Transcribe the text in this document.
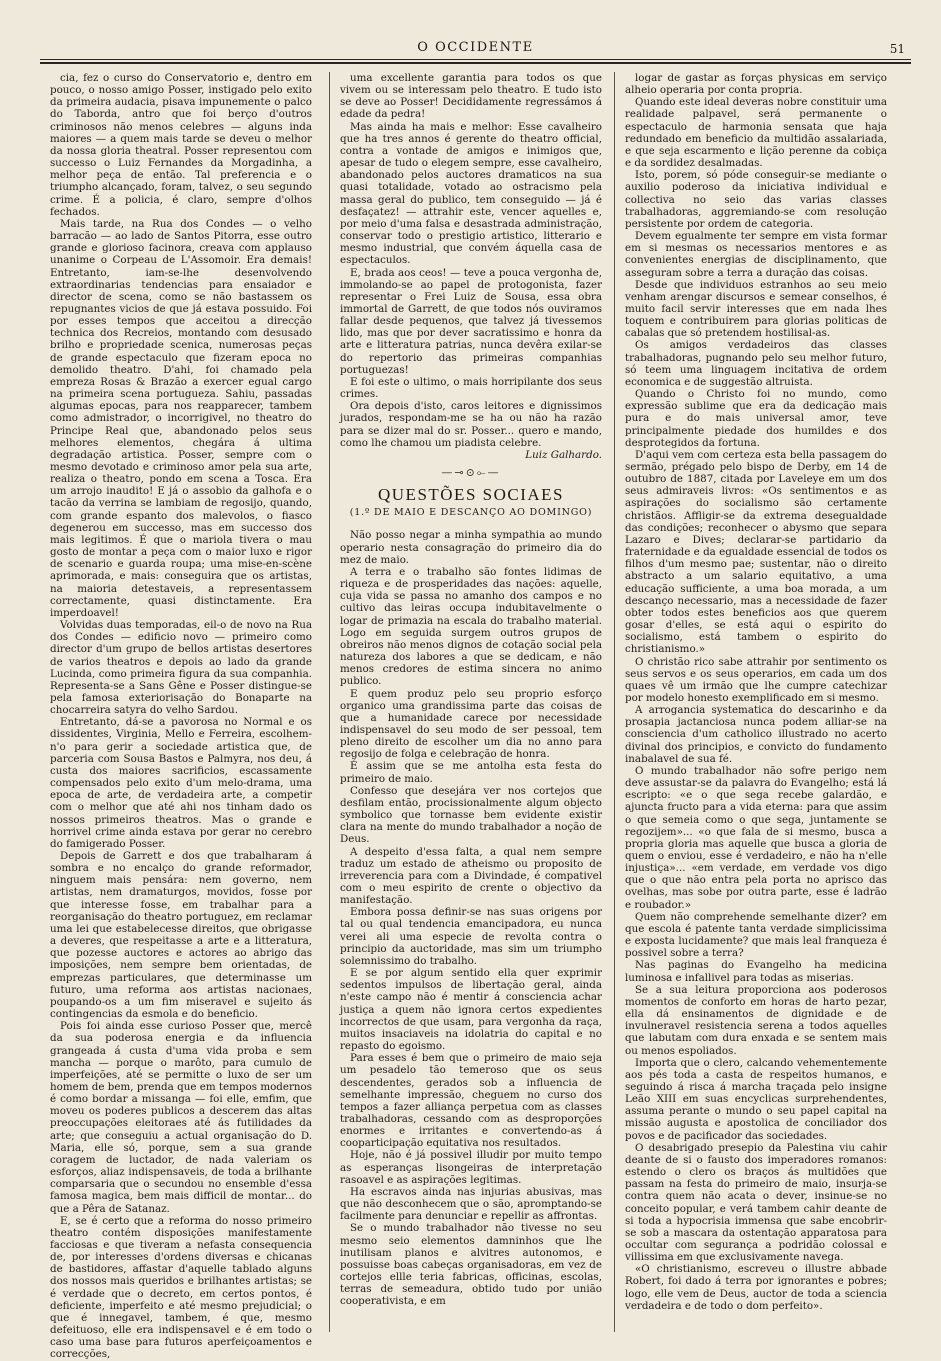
O OCCIDENTE	51

cia, fez o curso do Conservatorio e, dentro em pouco, o nosso amigo Posser, instigado pelo exito da primeira audacia, pisava impunemente o palco do Taborda, antro que foi berço d'outros criminosos não menos celebres — alguns inda maiores — a quem mais tarde se deveu o melhor da nossa gloria theatral. Posser representou com successo o Luiz Fernandes da Morgadinha, a melhor peça de então. Tal preferencia e o triumpho alcançado, foram, talvez, o seu segundo crime. É a policia, é claro, sempre d'olhos fechados.

Mais tarde, na Rua dos Condes — o velho barracão — ao lado de Santos Pitorra, esse outro grande e glorioso facinora, creava com applauso unanime o Corpeau de L'Assomoir. Era demais! Entretanto, iam-se-lhe desenvolvendo extraordinarias tendencias para ensaiador e director de scena, como se não bastassem os repugnantes vicios de que já estava possuido. Foi por esses tempos que acceitou a direcção technica dos Recreios, montando com desusado brilho e propriedade scenica, numerosas peças de grande espectaculo que fizeram epoca no demolido theatro. D'ahi, foi chamado pela empreza Rosas & Brazão a exercer egual cargo na primeira scena portugueza. Sahiu, passadas algumas epocas, para nos reapparecer, tambem como admistrador, o incorrigivel, no theatro do Principe Real que, abandonado pelos seus melhores elementos, chegára á ultima degradação artistica. Posser, sempre com o mesmo devotado e criminoso amor pela sua arte, realiza o theatro, pondo em scena a Tosca. Era um arrojo inaudito! E já o assobio da galhofa e o tacão da verrina se lambiam de regosijo, quando, com grande espanto dos malevolos, o fiasco degenerou em successo, mas em successo dos mais legitimos. É que o mariola tivera o mau gosto de montar a peça com o maior luxo e rigor de scenario e guarda roupa; uma mise-en-scène aprimorada, e mais: conseguira que os artistas, na maioria detestaveis, a representassem correctamente, quasi distinctamente. Era imperdoavel!

Volvidas duas temporadas, eil-o de novo na Rua dos Condes — edificio novo — primeiro como director d'um grupo de bellos artistas desertores de varios theatros e depois ao lado da grande Lucinda, como primeira figura da sua companhia. Representa-se a Sans Gêne e Posser distingue-se pela famosa exteriorisação do Bonaparte na chocarreira satyra do velho Sardou.

Entretanto, dá-se a pavorosa no Normal e os dissidentes, Virginia, Mello e Ferreira, escolhem-n'o para gerir a sociedade artistica que, de parceria com Sousa Bastos e Palmyra, nos deu, á custa dos maiores sacrificios, escassamente compensados pelo exito d'um melo-drama, uma epoca de arte, de verdadeira arte, a competir com o melhor que até ahi nos tinham dado os nossos primeiros theatros. Mas o grande e horrivel crime ainda estava por gerar no cerebro do famigerado Posser.

Depois de Garrett e dos que trabalharam á sombra e no encalço do grande reformador, ninguem mais pensára: nem governo, nem artistas, nem dramaturgos, movidos, fosse por que interesse fosse, em trabalhar para a reorganisação do theatro portuguez, em reclamar uma lei que estabelecesse direitos, que obrigasse a deveres, que respeitasse a arte e a litteratura, que pozesse auctores e actores ao abrigo das imposições, nem sempre bem orientadas, de emprezas particulares, que determinasse um futuro, uma reforma aos artistas nacionaes, poupando-os a um fim miseravel e sujeito ás contingencias da esmola e do beneficio.

Pois foi ainda esse curioso Posser que, mercê da sua poderosa energia e da influencia grangeada á custa d'uma vida proba e sem mancha — porque o marôto, para cumulo de imperfeições, até se permitte o luxo de ser um homem de bem, prenda que em tempos modernos é como bordar a missanga — foi elle, emfim, que moveu os poderes publicos a descerem das altas preoccupações eleitoraes até ás futilidades da arte; que conseguiu a actual organisação do D. Maria, elle só, porque, sem a sua grande coragem de luctador, de nada valeriam os esforços, aliaz indispensaveis, de toda a brilhante comparsaria que o secundou no ensemble d'essa famosa magica, bem mais difficil de montar... do que a Pêra de Satanaz.

E, se é certo que a reforma do nosso primeiro theatro contém disposições manifestamente facciosas e que tiveram a nefasta consequencia de, por interesses d'ordens diversas e chicanas de bastidores, affastar d'aquelle tablado alguns dos nossos mais queridos e brilhantes artistas; se é verdade que o decreto, em certos pontos, é deficiente, imperfeito e até mesmo prejudicial; o que é innegavel, tambem, é que, mesmo defeituoso, elle era indispensavel e é em todo o caso uma base para futuros aperfeiçoamentos e correcções,

uma excellente garantia para todos os que vivem ou se interessam pelo theatro. E tudo isto se deve ao Posser! Decididamente regressámos á edade da pedra!

Mas ainda ha mais e melhor: Esse cavalheiro que ha tres annos é gerente do theatro official, contra a vontade de amigos e inimigos que, apesar de tudo o elegem sempre, esse cavalheiro, abandonado pelos auctores dramaticos na sua quasi totalidade, votado ao ostracismo pela massa geral do publico, tem conseguido — já é desfaçatez! — attrahir este, vencer aquelles e, por meio d'uma falsa e desastrada administração, conservar todo o prestigio artistico, litterario e mesmo industrial, que convém áquella casa de espectaculos.

E, brada aos ceos! — teve a pouca vergonha de, immolando-se ao papel de protogonista, fazer representar o Frei Luiz de Sousa, essa obra immortal de Garrett, de que todos nós ouviramos fallar desde pequenos, que talvez já tivessemos lido, mas que por dever sacratissimo e honra da arte e litteratura patrias, nunca devêra exilar-se do repertorio das primeiras companhias portuguezas!

E foi este o ultimo, o mais horripilante dos seus crimes.

Ora depois d'isto, caros leitores e dignissimos jurados, respondam-me se ha ou não ha razão para se dizer mal do sr. Posser... quero e mando, como lhe chamou um piadista celebre.

Luiz Galhardo.

—⊸⊙⟜—
QUESTÕES SOCIAES
(1.º DE MAIO E DESCANÇO AO DOMINGO)

Não posso negar a minha sympathia ao mundo operario nesta consagração do primeiro dia do mez de maio.

A terra e o trabalho são fontes lidimas de riqueza e de prosperidades das nações: aquelle, cuja vida se passa no amanho dos campos e no cultivo das leiras occupa indubitavelmente o logar de primazia na escala do trabalho material. Logo em seguida surgem outros grupos de obreiros não menos dignos de cotação social pela natureza dos labores a que se dedicam, e não menos credores de estima sincera no animo publico.

E quem produz pelo seu proprio esforço organico uma grandissima parte das coisas de que a humanidade carece por necessidade indispensavel do seu modo de ser pessoal, tem pleno direito de escolher um dia no anno para regosijo de folga e celebração de honra.

É assim que se me antolha esta festa do primeiro de maio.

Confesso que desejára ver nos cortejos que desfilam então, procissionalmente algum objecto symbolico que tornasse bem evidente existir clara na mente do mundo trabalhador a noção de Deus.

A despeito d'essa falta, a qual nem sempre traduz um estado de atheismo ou proposito de irreverencia para com a Divindade, é compativel com o meu espirito de crente o objectivo da manifestação.

Embora possa definir-se nas suas origens por tal ou qual tendencia emancipadora, eu nunca verei ali uma especie de revolta contra o principio da auctoridade, mas sim um triumpho solemnissimo do trabalho.

E se por algum sentido ella quer exprimir sedentos impulsos de libertação geral, ainda n'este campo não é mentir á consciencia achar justiça a quem não ignora certos expedientes incorrectos de que usam, para vergonha da raça, muitos insaciaveis na idolatria do capital e no repasto do egoismo.

Para esses é bem que o primeiro de maio seja um pesadelo tão temeroso que os seus descendentes, gerados sob a influencia de semelhante impressão, cheguem no curso dos tempos a fazer alliança perpetua com as classes trabalhadoras, cessando com as desproporções enormes e irritantes e convertendo-as á cooparticipação equitativa nos resultados.

Hoje, não é já possivel illudir por muito tempo as esperanças lisongeiras de interpretação rasoavel e as aspirações legitimas.

Ha escravos ainda nas injurias abusivas, mas que não desconhecem que o são, apromptando-se facilmente para denunciar e repellir as affrontas.

Se o mundo trabalhador não tivesse no seu mesmo seio elementos damninhos que lhe inutilisam planos e alvitres autonomos, e possuisse boas cabeças organisadoras, em vez de cortejos ellle teria fabricas, officinas, escolas, terras de semeadura, obtido tudo por união cooperativista, e em

logar de gastar as forças physicas em serviço alheio operaria por conta propria.

Quando este ideal deveras nobre constituir uma realidade palpavel, será permanente o espectaculo de harmonia sensata que haja redundado em beneficio da multidão assalariada, e que seja escarmento e lição perenne da cobiça e da sordidez desalmadas.

Isto, porem, só póde conseguir-se mediante o auxilio poderoso da iniciativa individual e collectiva no seio das varias classes trabalhadoras, aggremiando-se com resolução persistente por ordem de categoria.

Devem egualmente ter sempre em vista formar em si mesmas os necessarios mentores e as convenientes energias de disciplinamento, que asseguram sobre a terra a duração das coisas.

Desde que individuos estranhos ao seu meio venham arengar discursos e semear conselhos, é muito facil servir interesses que em nada lhes toquem e contribuirem para glorias politicas de cabalas que só pretendem hostilisal-as.

Os amigos verdadeiros das classes trabalhadoras, pugnando pelo seu melhor futuro, só teem uma linguagem incitativa de ordem economica e de suggestão altruista.

Quando o Christo foi no mundo, como expressão sublime que era da dedicação mais pura e do mais universal amor, teve principalmente piedade dos humildes e dos desprotegidos da fortuna.

D'aqui vem com certeza esta bella passagem do sermão, prégado pelo bispo de Derby, em 14 de outubro de 1887, citada por Laveleye em um dos seus admiraveis livros: «Os sentimentos e as aspirações do socialismo são certamente christãos. Affligir-se da extrema desegualdade das condições; reconhecer o abysmo que separa Lazaro e Dives; declarar-se partidario da fraternidade e da egualdade essencial de todos os filhos d'um mesmo pae; sustentar, não o direito abstracto a um salario equitativo, a uma educação sufficiente, a uma boa morada, a um descanço necessario, mas a necessidade de fazer obter todos estes beneficios aos que querem gosar d'elles, se está aqui o espirito do socialismo, está tambem o espirito do christianismo.»

O christão rico sabe attrahir por sentimento os seus servos e os seus operarios, em cada um dos quaes vê um irmão que lhe cumpre catechizar por modelo honesto exemplificado em si mesmo.

A arrogancia systematica do descarinho e da prosapia jactanciosa nunca podem alliar-se na consciencia d'um catholico illustrado no acerto divinal dos principios, e convicto do fundamento inabalavel de sua fé.

O mundo trabalhador não sofre perigo nem deve assustar-se da palavra do Evangelho; está lá escripto: «e o que sega recebe galardão, e ajuncta fructo para a vida eterna: para que assim o que semeia como o que sega, juntamente se regozijem»... «o que fala de si mesmo, busca a propria gloria mas aquelle que busca a gloria de quem o enviou, esse é verdadeiro, e não ha n'elle injustiça»... «em verdade, em verdade vos digo que o que não entra pela porta no aprisco das ovelhas, mas sobe por outra parte, esse é ladrão e roubador.»

Quem não comprehende semelhante dizer? em que escola é patente tanta verdade simplicissima e exposta lucidamente? que mais leal franqueza é possivel sobre a terra?

Nas paginas do Evangelho ha medicina luminosa e infallivel para todas as miserias.

Se a sua leitura proporciona aos poderosos momentos de conforto em horas de harto pezar, ella dá ensinamentos de dignidade e de invulneravel resistencia serena a todos aquelles que labutam com dura enxada e se sentem mais ou menos espoliados.

Importa que o clero, calcando vehementemente aos pés toda a casta de respeitos humanos, e seguindo á risca á marcha traçada pelo insigne Leão XIII em suas encyclicas surprehendentes, assuma perante o mundo o seu papel capital na missão augusta e apostolica de conciliador dos povos e de pacificador das sociedades.

O desabrigado presepio da Palestina viu cahir deante de si o fausto dos imperadores romanos: estendo o clero os braços ás multidões que passam na festa do primeiro de maio, insurja-se contra quem não acata o dever, insinue-se no conceito popular, e verá tambem cahir deante de si toda a hypocrisia immensa que sabe encobrir-se sob a mascara da ostentação apparatosa para occultar com segurança a podridão colossal e villissima em que exclusivamente navega.

«O christianismo, escreveu o illustre abbade Robert, foi dado á terra por ignorantes e pobres; logo, elle vem de Deus, auctor de toda a sciencia verdadeira e de todo o dom perfeito».
